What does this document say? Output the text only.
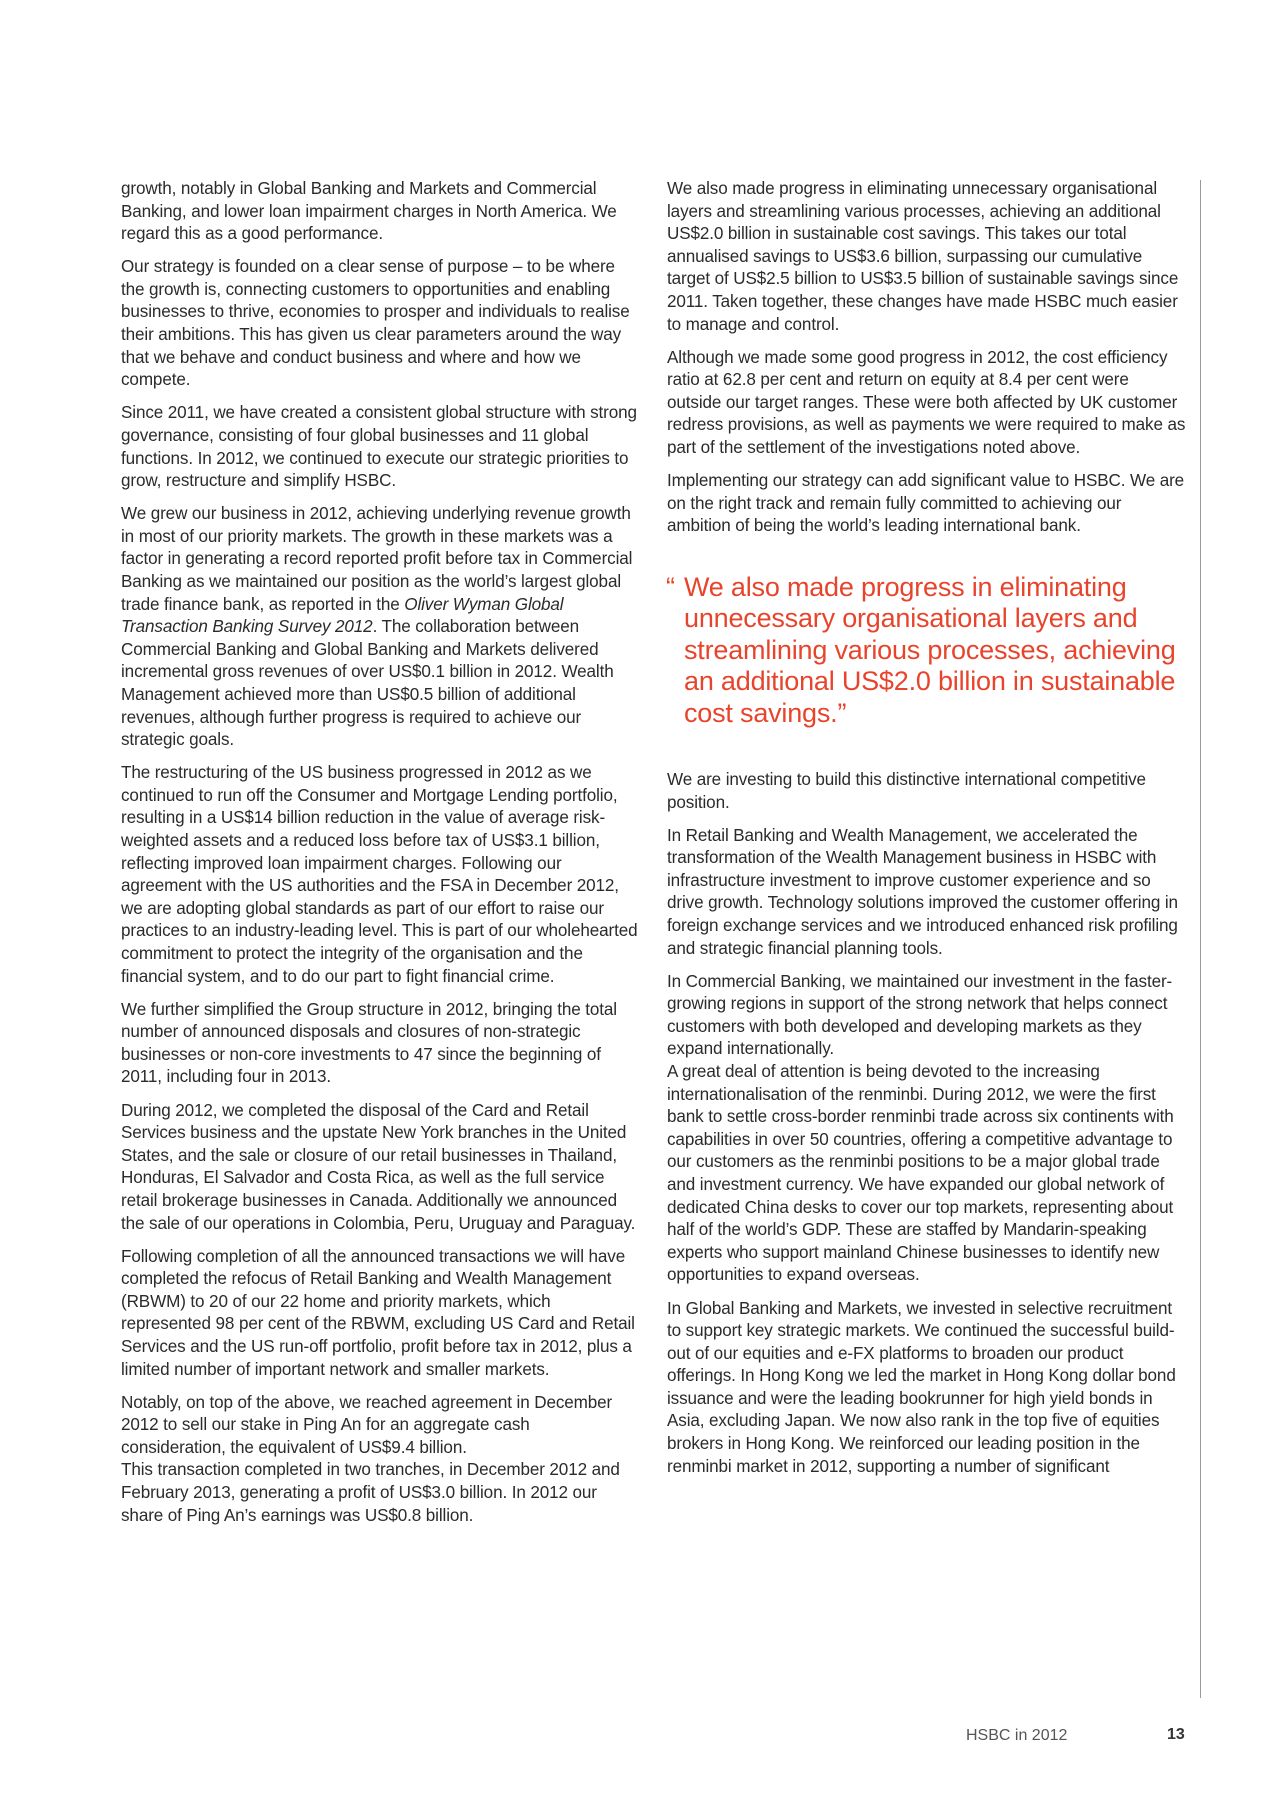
growth, notably in Global Banking and Markets and Commercial Banking, and lower loan impairment charges in North America. We regard this as a good performance.

Our strategy is founded on a clear sense of purpose – to be where the growth is, connecting customers to opportunities and enabling businesses to thrive, economies to prosper and individuals to realise their ambitions. This has given us clear parameters around the way that we behave and conduct business and where and how we compete.

Since 2011, we have created a consistent global structure with strong governance, consisting of four global businesses and 11 global functions. In 2012, we continued to execute our strategic priorities to grow, restructure and simplify HSBC.

We grew our business in 2012, achieving underlying revenue growth in most of our priority markets. The growth in these markets was a factor in generating a record reported profit before tax in Commercial Banking as we maintained our position as the world’s largest global trade finance bank, as reported in the Oliver Wyman Global Transaction Banking Survey 2012. The collaboration between Commercial Banking and Global Banking and Markets delivered incremental gross revenues of over US$0.1 billion in 2012. Wealth Management achieved more than US$0.5 billion of additional revenues, although further progress is required to achieve our strategic goals.

The restructuring of the US business progressed in 2012 as we continued to run off the Consumer and Mortgage Lending portfolio, resulting in a US$14 billion reduction in the value of average risk-weighted assets and a reduced loss before tax of US$3.1 billion, reflecting improved loan impairment charges. Following our agreement with the US authorities and the FSA in December 2012, we are adopting global standards as part of our effort to raise our practices to an industry-leading level. This is part of our wholehearted commitment to protect the integrity of the organisation and the financial system, and to do our part to fight financial crime.

We further simplified the Group structure in 2012, bringing the total number of announced disposals and closures of non-strategic businesses or non-core investments to 47 since the beginning of 2011, including four in 2013.

During 2012, we completed the disposal of the Card and Retail Services business and the upstate New York branches in the United States, and the sale or closure of our retail businesses in Thailand, Honduras, El Salvador and Costa Rica, as well as the full service retail brokerage businesses in Canada. Additionally we announced the sale of our operations in Colombia, Peru, Uruguay and Paraguay.

Following completion of all the announced transactions we will have completed the refocus of Retail Banking and Wealth Management (RBWM) to 20 of our 22 home and priority markets, which represented 98 per cent of the RBWM, excluding US Card and Retail Services and the US run-off portfolio, profit before tax in 2012, plus a limited number of important network and smaller markets.

Notably, on top of the above, we reached agreement in December 2012 to sell our stake in Ping An for an aggregate cash consideration, the equivalent of US$9.4 billion.
This transaction completed in two tranches, in December 2012 and February 2013, generating a profit of US$3.0 billion. In 2012 our share of Ping An’s earnings was US$0.8 billion.

We also made progress in eliminating unnecessary organisational layers and streamlining various processes, achieving an additional US$2.0 billion in sustainable cost savings. This takes our total annualised savings to US$3.6 billion, surpassing our cumulative target of US$2.5 billion to US$3.5 billion of sustainable savings since 2011. Taken together, these changes have made HSBC much easier to manage and control.

Although we made some good progress in 2012, the cost efficiency ratio at 62.8 per cent and return on equity at 8.4 per cent were outside our target ranges. These were both affected by UK customer redress provisions, as well as payments we were required to make as part of the settlement of the investigations noted above.

Implementing our strategy can add significant value to HSBC. We are on the right track and remain fully committed to achieving our ambition of being the world’s leading international bank.

“ We also made progress in eliminating unnecessary organisational layers and streamlining various processes, achieving an additional US$2.0 billion in sustainable cost savings.”

We are investing to build this distinctive international competitive position.

In Retail Banking and Wealth Management, we accelerated the transformation of the Wealth Management business in HSBC with infrastructure investment to improve customer experience and so drive growth. Technology solutions improved the customer offering in foreign exchange services and we introduced enhanced risk profiling and strategic financial planning tools.

In Commercial Banking, we maintained our investment in the faster-growing regions in support of the strong network that helps connect customers with both developed and developing markets as they expand internationally.
A great deal of attention is being devoted to the increasing internationalisation of the renminbi. During 2012, we were the first bank to settle cross-border renminbi trade across six continents with capabilities in over 50 countries, offering a competitive advantage to our customers as the renminbi positions to be a major global trade and investment currency. We have expanded our global network of dedicated China desks to cover our top markets, representing about half of the world’s GDP. These are staffed by Mandarin-speaking experts who support mainland Chinese businesses to identify new opportunities to expand overseas.

In Global Banking and Markets, we invested in selective recruitment to support key strategic markets. We continued the successful build-out of our equities and e-FX platforms to broaden our product offerings. In Hong Kong we led the market in Hong Kong dollar bond issuance and were the leading bookrunner for high yield bonds in Asia, excluding Japan. We now also rank in the top five of equities brokers in Hong Kong. We reinforced our leading position in the renminbi market in 2012, supporting a number of significant

HSBC in 2012	13
